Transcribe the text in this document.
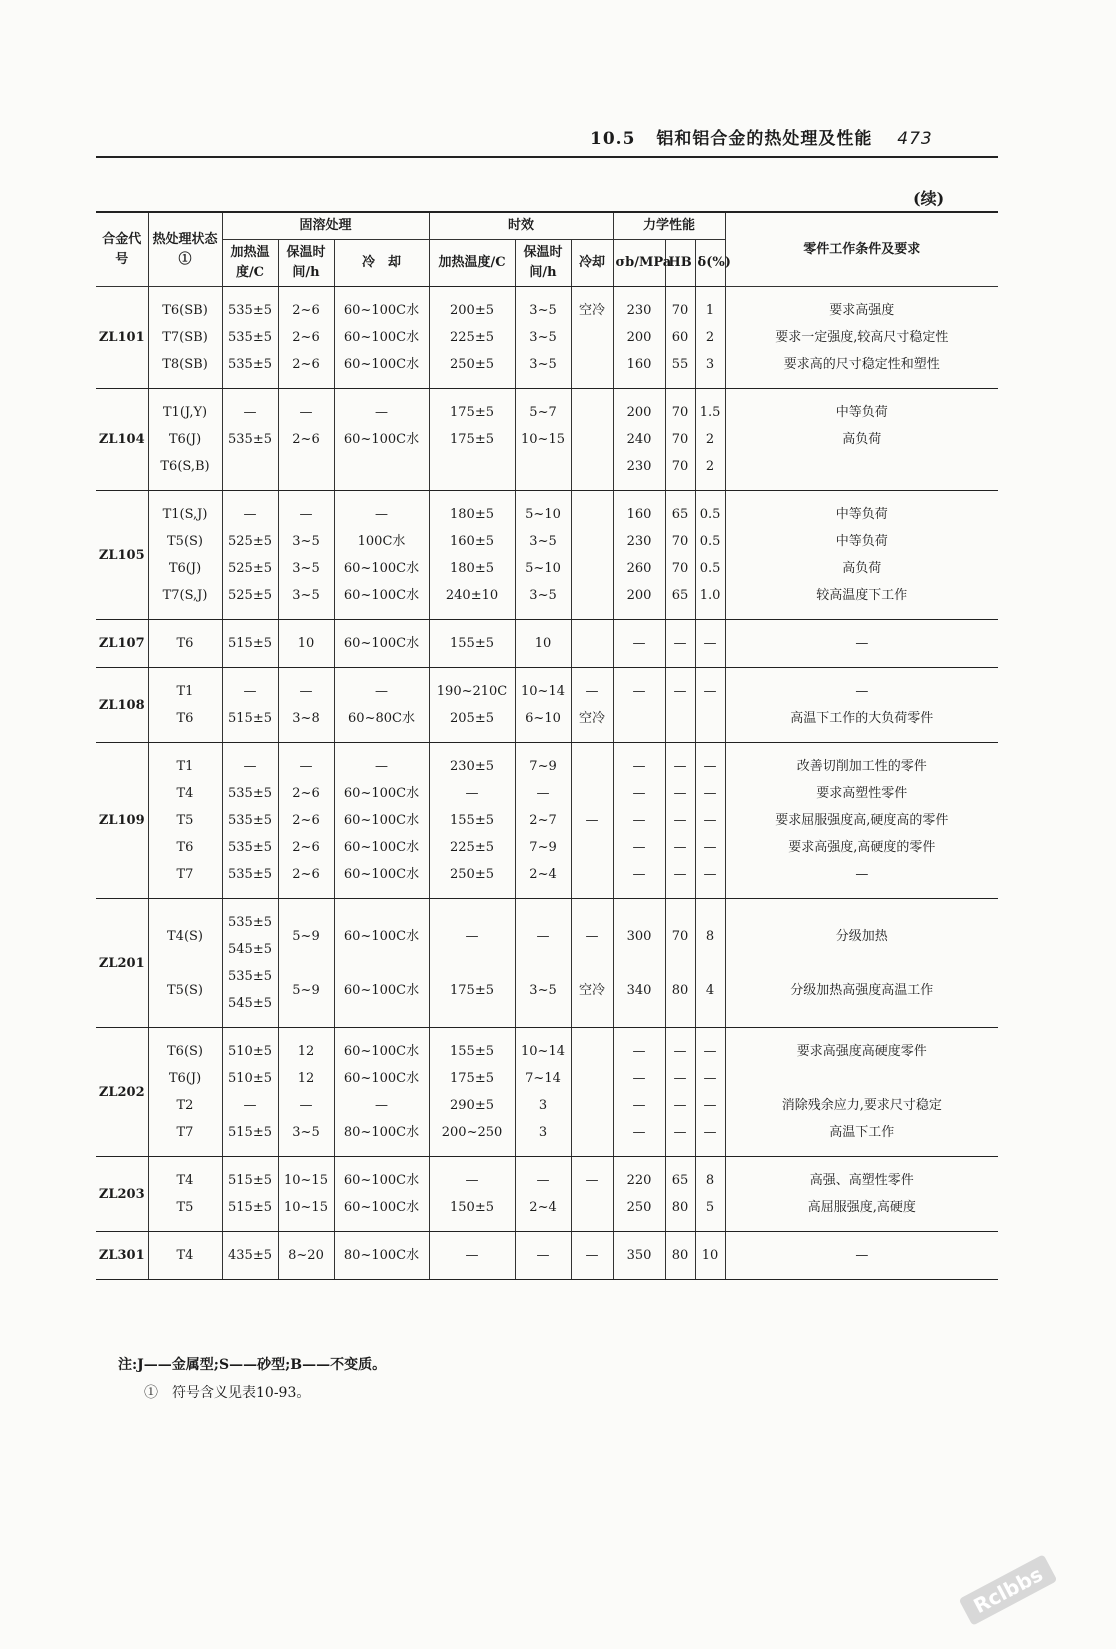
10.5 铝和铝合金的热处理及性能 473
(续)
合金代号	热处理状态①	固溶处理			时效			力学性能			零件工作条件及要求
		加热温度/C	保温时间/h	冷　却	加热温度/C	保温时间/h	冷却	σb/MPa	HB	δ(%)	
ZL101	T6(SB)	535±5	2~6	60~100C水	200±5	3~5	空冷	230	70	1	要求高强度
	T7(SB)	535±5	2~6	60~100C水	225±5	3~5		200	60	2	要求一定强度,较高尺寸稳定性
	T8(SB)	535±5	2~6	60~100C水	250±5	3~5		160	55	3	要求高的尺寸稳定性和塑性
ZL104	T1(J,Y)	—	—	—	175±5	5~7		200	70	1.5	中等负荷
	T6(J)	535±5	2~6	60~100C水	175±5	10~15		240	70	2	高负荷
	T6(S,B)							230	70	2	
ZL105	T1(S,J)	—	—	—	180±5	5~10		160	65	0.5	中等负荷
	T5(S)	525±5	3~5	100C水	160±5	3~5		230	70	0.5	中等负荷
	T6(J)	525±5	3~5	60~100C水	180±5	5~10		260	70	0.5	高负荷
	T7(S,J)	525±5	3~5	60~100C水	240±10	3~5		200	65	1.0	较高温度下工作
ZL107	T6	515±5	10	60~100C水	155±5	10		—	—	—	—
ZL108	T1	—	—	—	190~210C	10~14	—	—	—	—	—
	T6	515±5	3~8	60~80C水	205±5	6~10	空冷				高温下工作的大负荷零件
ZL109	T1	—	—	—	230±5	7~9		—	—	—	改善切削加工性的零件
	T4	535±5	2~6	60~100C水	—	—		—	—	—	要求高塑性零件
	T5	535±5	2~6	60~100C水	155±5	2~7	—	—	—	—	要求屈服强度高,硬度高的零件
	T6	535±5	2~6	60~100C水	225±5	7~9		—	—	—	要求高强度,高硬度的零件
	T7	535±5	2~6	60~100C水	250±5	2~4		—	—	—	—
ZL201	T4(S)	535±5
545±5	5~9	60~100C水	—	—	—	300	70	8	分级加热
	T5(S)	535±5
545±5	5~9	60~100C水	175±5	3~5	空冷	340	80	4	分级加热高强度高温工作
ZL202	T6(S)	510±5	12	60~100C水	155±5	10~14		—	—	—	要求高强度高硬度零件
	T6(J)	510±5	12	60~100C水	175±5	7~14		—	—	—	
	T2	—	—	—	290±5	3		—	—	—	消除残余应力,要求尺寸稳定
	T7	515±5	3~5	80~100C水	200~250	3		—	—	—	高温下工作
ZL203	T4	515±5	10~15	60~100C水	—	—	—	220	65	8	高强、高塑性零件
	T5	515±5	10~15	60~100C水	150±5	2~4		250	80	5	高屈服强度,高硬度
ZL301	T4	435±5	8~20	80~100C水	—	—	—	350	80	10	—
注:J——金属型;S——砂型;B——不变质。
①　符号含义见表10-93。
Rclbbs
